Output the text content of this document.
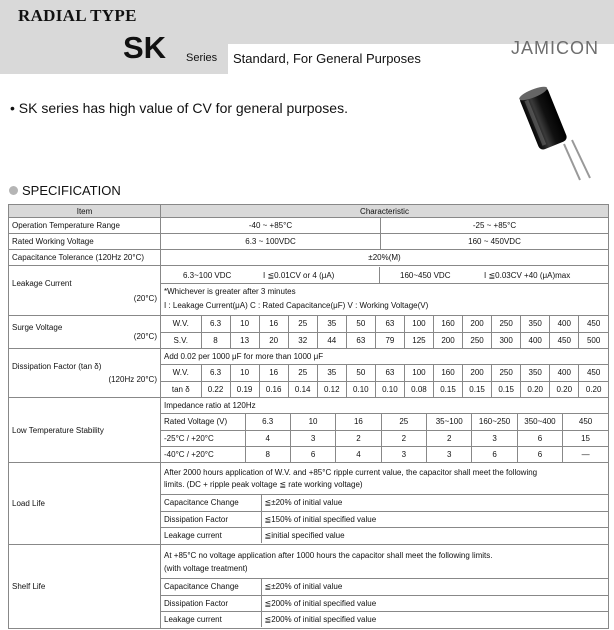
RADIAL TYPE
SK Series Standard, For General Purposes
JAMICON
• SK series has high value of CV for general purposes.
SPECIFICATION
Item	Characteristic
Operation Temperature Range	-40 ~ +85°C	-25 ~ +85°C
Rated Working Voltage	6.3 ~ 100VDC	160 ~ 450VDC
Capacitance Tolerance (120Hz 20°C)	±20%(M)

Leakage Current
(20°C)

6.3~100 VDC	I ≦0.01CV or 4 (μA)	160~450 VDC	I ≦0.03CV +40 (μA)max
*Whichever is greater after 3 minutes
I : Leakage Current(μA) C : Rated Capacitance(μF) V : Working Voltage(V)

Surge Voltage
(20°C)

W.V.	6.3	10	16	25	35	50	63	100	160	200	250	350	400	450
S.V.	8	13	20	32	44	63	79	125	200	250	300	400	450	500

Dissipation Factor (tan δ)
(120Hz 20°C)

Add 0.02 per 1000 μF for more than 1000 μF
W.V.	6.3	10	16	25	35	50	63	100	160	200	250	350	400	450
tan δ	0.22	0.19	0.16	0.14	0.12	0.10	0.10	0.08	0.15	0.15	0.15	0.20	0.20	0.20

Low Temperature Stability	
Impedance ratio at 120Hz
Rated Voltage (V)	6.3	10	16	25	35~100	160~250	350~400	450
-25°C / +20°C	4	3	2	2	2	3	6	15
-40°C / +20°C	8	6	4	3	3	6	6	—

Load Life	
After 2000 hours application of W.V. and +85°C ripple current value, the capacitor shall meet the following
limits. (DC + ripple peak voltage ≦ rate working voltage)
Capacitance Change	≦±20% of initial value
Dissipation Factor	≦150% of initial specified value
Leakage current	≦initial specified value

Shelf Life	
At +85°C no voltage application after 1000 hours the capacitor shall meet the following limits.
(with voltage treatment)
Capacitance Change	≦±20% of initial value
Dissipation Factor	≦200% of initial specified value
Leakage current	≦200% of initial specified value
